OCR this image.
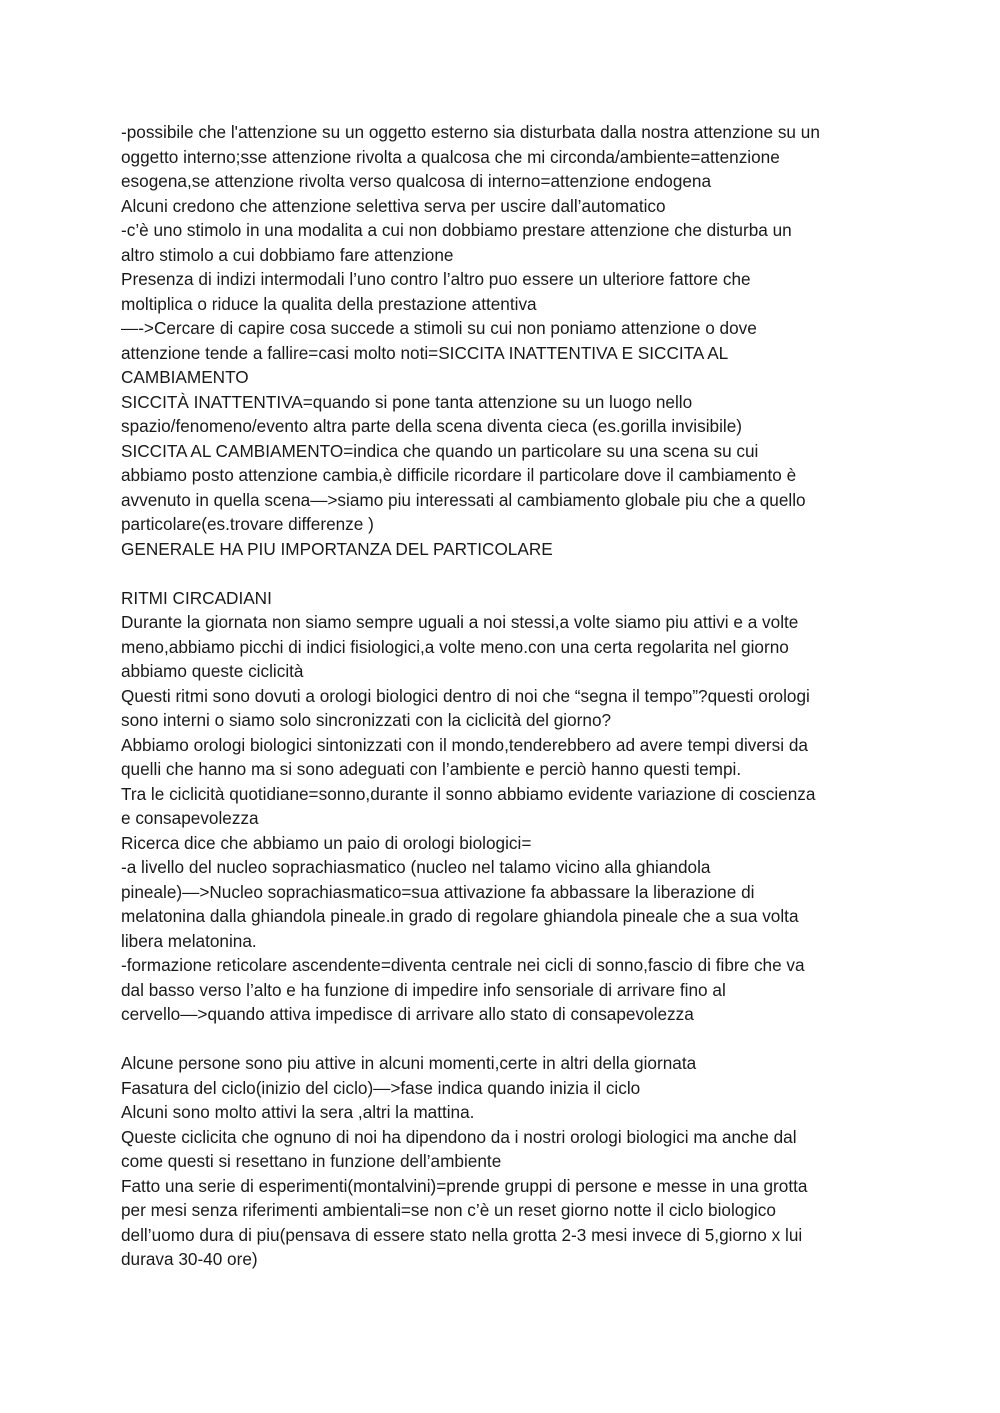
-possibile che l'attenzione su un oggetto esterno sia disturbata dalla nostra attenzione su un
oggetto interno;sse attenzione rivolta a qualcosa che mi circonda/ambiente=attenzione
esogena,se attenzione rivolta verso qualcosa di interno=attenzione endogena
Alcuni credono che attenzione selettiva serva per uscire dall’automatico
-c’è uno stimolo in una modalita a cui non dobbiamo prestare attenzione che disturba un
altro stimolo a cui dobbiamo fare attenzione
Presenza di indizi intermodali l’uno contro l’altro puo essere un ulteriore fattore che
moltiplica o riduce la qualita della prestazione attentiva
—->Cercare di capire cosa succede a stimoli su cui non poniamo attenzione o dove
attenzione tende a fallire=casi molto noti=SICCITA INATTENTIVA E SICCITA AL
CAMBIAMENTO
SICCITÀ INATTENTIVA=quando si pone tanta attenzione su un luogo nello
spazio/fenomeno/evento altra parte della scena diventa cieca (es.gorilla invisibile)
SICCITA AL CAMBIAMENTO=indica che quando un particolare su una scena su cui
abbiamo posto attenzione cambia,è difficile ricordare il particolare dove il cambiamento è
avvenuto in quella scena—>siamo piu interessati al cambiamento globale piu che a quello
particolare(es.trovare differenze )
GENERALE HA PIU IMPORTANZA DEL PARTICOLARE
RITMI CIRCADIANI
Durante la giornata non siamo sempre uguali a noi stessi,a volte siamo piu attivi e a volte
meno,abbiamo picchi di indici fisiologici,a volte meno.con una certa regolarita nel giorno
abbiamo queste ciclicità
Questi ritmi sono dovuti a orologi biologici dentro di noi che “segna il tempo”?questi orologi
sono interni o siamo solo sincronizzati con la ciclicità del giorno?
Abbiamo orologi biologici sintonizzati con il mondo,tenderebbero ad avere tempi diversi da
quelli che hanno ma si sono adeguati con l’ambiente e perciò hanno questi tempi.
Tra le ciclicità quotidiane=sonno,durante il sonno abbiamo evidente variazione di coscienza
e consapevolezza
Ricerca dice che abbiamo un paio di orologi biologici=
-a livello del nucleo soprachiasmatico (nucleo nel talamo vicino alla ghiandola
pineale)—>Nucleo soprachiasmatico=sua attivazione fa abbassare la liberazione di
melatonina dalla ghiandola pineale.in grado di regolare ghiandola pineale che a sua volta
libera melatonina.
-formazione reticolare ascendente=diventa centrale nei cicli di sonno,fascio di fibre che va
dal basso verso l’alto e ha funzione di impedire info sensoriale di arrivare fino al
cervello—>quando attiva impedisce di arrivare allo stato di consapevolezza
Alcune persone sono piu attive in alcuni momenti,certe in altri della giornata
Fasatura del ciclo(inizio del ciclo)—>fase indica quando inizia il ciclo
Alcuni sono molto attivi la sera ,altri la mattina.
Queste ciclicita che ognuno di noi ha dipendono da i nostri orologi biologici ma anche dal
come questi si resettano in funzione dell’ambiente
Fatto una serie di esperimenti(montalvini)=prende gruppi di persone e messe in una grotta
per mesi senza riferimenti ambientali=se non c’è un reset giorno notte il ciclo biologico
dell’uomo dura di piu(pensava di essere stato nella grotta 2-3 mesi invece di 5,giorno x lui
durava 30-40 ore)
